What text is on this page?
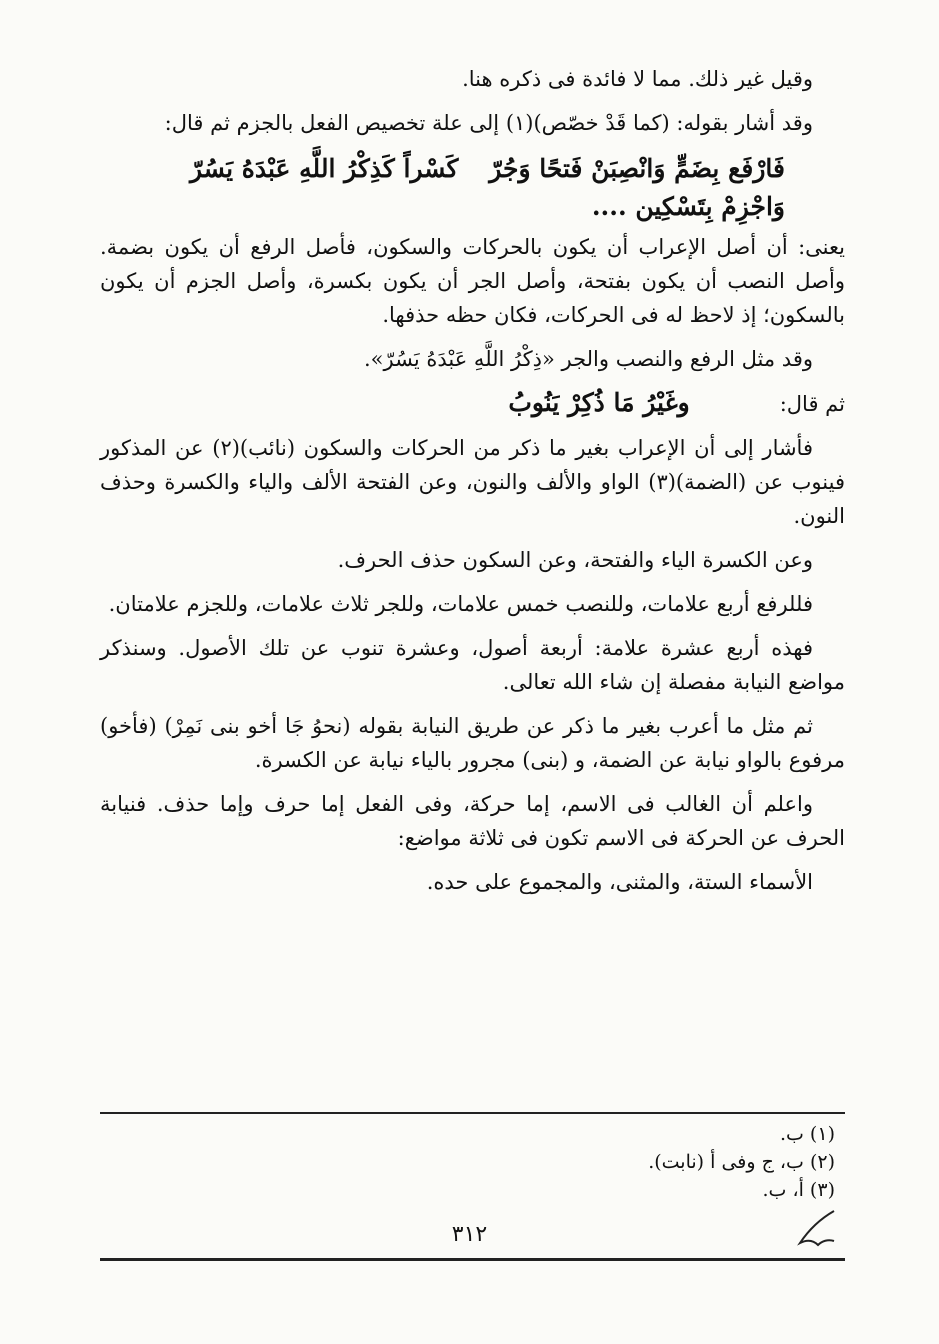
وقيل غير ذلك. مما لا فائدة فى ذكره هنا.

وقد أشار بقوله: (كما قَدْ خصّص)(١) إلى علة تخصيص الفعل بالجزم ثم قال:

فَارْفَع بِضَمٍّ وَانْصِبَنْ فَتحًا وَجُرّ
كَسْراً كَذِكْرُ اللَّهِ عَبْدَهُ يَسُرّ
وَاجْزِمْ بِتَسْكِين ....

يعنى: أن أصل الإعراب أن يكون بالحركات والسكون، فأصل الرفع أن يكون بضمة. وأصل النصب أن يكون بفتحة، وأصل الجر أن يكون بكسرة، وأصل الجزم أن يكون بالسكون؛ إذ لاحظ له فى الحركات، فكان حظه حذفها.

وقد مثل الرفع والنصب والجر «ذِكْرُ اللَّهِ عَبْدَهُ يَسُرّ».

ثم قال:
وغَيْرُ مَا ذُكِرْ يَنُوبُ

فأشار إلى أن الإعراب بغير ما ذكر من الحركات والسكون (نائب)(٢) عن المذكور فينوب عن (الضمة)(٣) الواو والألف والنون، وعن الفتحة الألف والياء والكسرة وحذف النون.

وعن الكسرة الياء والفتحة، وعن السكون حذف الحرف.

فللرفع أربع علامات، وللنصب خمس علامات، وللجر ثلاث علامات، وللجزم علامتان.

فهذه أربع عشرة علامة: أربعة أصول، وعشرة تنوب عن تلك الأصول. وسنذكر مواضع النيابة مفصلة إن شاء الله تعالى.

ثم مثل ما أعرب بغير ما ذكر عن طريق النيابة بقوله (نحوُ جَا أخو بنى نَمِرْ) (فأخو) مرفوع بالواو نيابة عن الضمة، و (بنى) مجرور بالياء نيابة عن الكسرة.

واعلم أن الغالب فى الاسم، إما حركة، وفى الفعل إما حرف وإما حذف. فنيابة الحرف عن الحركة فى الاسم تكون فى ثلاثة مواضع:

الأسماء الستة، والمثنى، والمجموع على حده.

(١) ب.
(٢) ب، ج وفى أ (نابت).
(٣) أ، ب.
٣١٢
